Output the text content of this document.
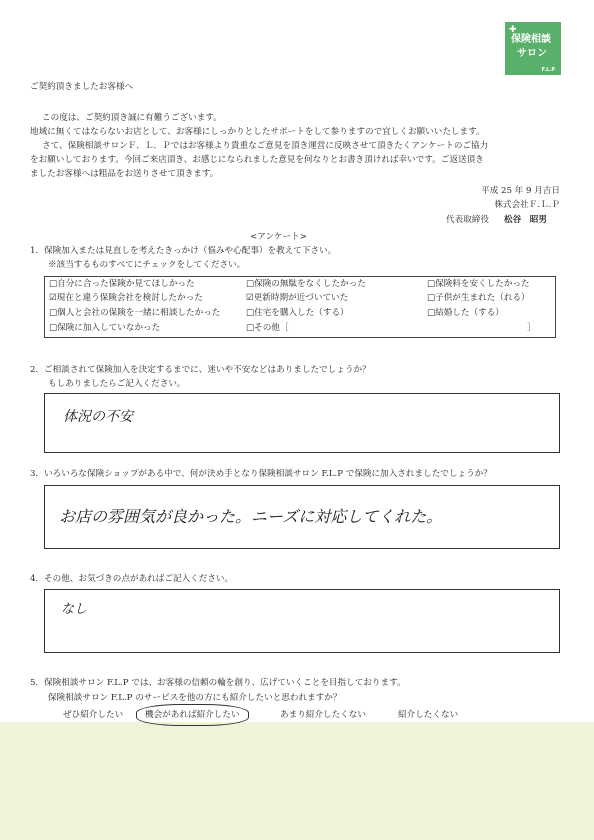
✚
保険相談
サロン
F.L.P
ご契約頂きましたお客様へ
この度は、ご契約頂き誠に有難うございます。
地域に無くてはならないお店として、お客様にしっかりとしたサポートをして参りますので宜しくお願いいたします。
さて、保険相談サロンＦ．Ｌ．Ｐではお客様より貴重なご意見を頂き運営に反映させて頂きたくアンケートのご協力
をお願いしております。今回ご来店頂き、お感じになられました意見を何なりとお書き頂ければ幸いです。ご返送頂き
ましたお客様へは粗品をお送りさせて頂きます。
平成 25 年 9 月吉日
株式会社Ｆ.Ｌ.Ｐ
代表取締役 松谷　昭男
<アンケート>
1．保険加入または見直しを考えたきっかけ（悩みや心配事）を教えて下さい。
※該当するものすべてにチェックをしてください。
□自分に合った保険か見てほしかった	□保険の無駄をなくしたかった	□保険料を安くしたかった
☑現在と違う保険会社を検討したかった	☑更新時期が近づいていた	□子供が生まれた（れる）
□個人と会社の保険を一緒に相談したかった	□住宅を購入した（する）	□結婚した（する）
□保険に加入していなかった	□その他［	］
2．ご相談されて保険加入を決定するまでに、迷いや不安などはありましたでしょうか？
もしありましたらご記入ください。
体況の不安
3．いろいろな保険ショップがある中で、何が決め手となり保険相談サロン F.L.P で保険に加入されましたでしょうか？
お店の雰囲気が良かった。ニーズに対応してくれた。
4．その他、お気づきの点があればご記入ください。
なし
5．保険相談サロン F.L.P では、お客様の信頼の輪を創り、広げていくことを目指しております。
保険相談サロン F.L.P のサービスを他の方にも紹介したいと思われますか？
ぜひ紹介したい	機会があれば紹介したい	あまり紹介したくない	紹介したくない
